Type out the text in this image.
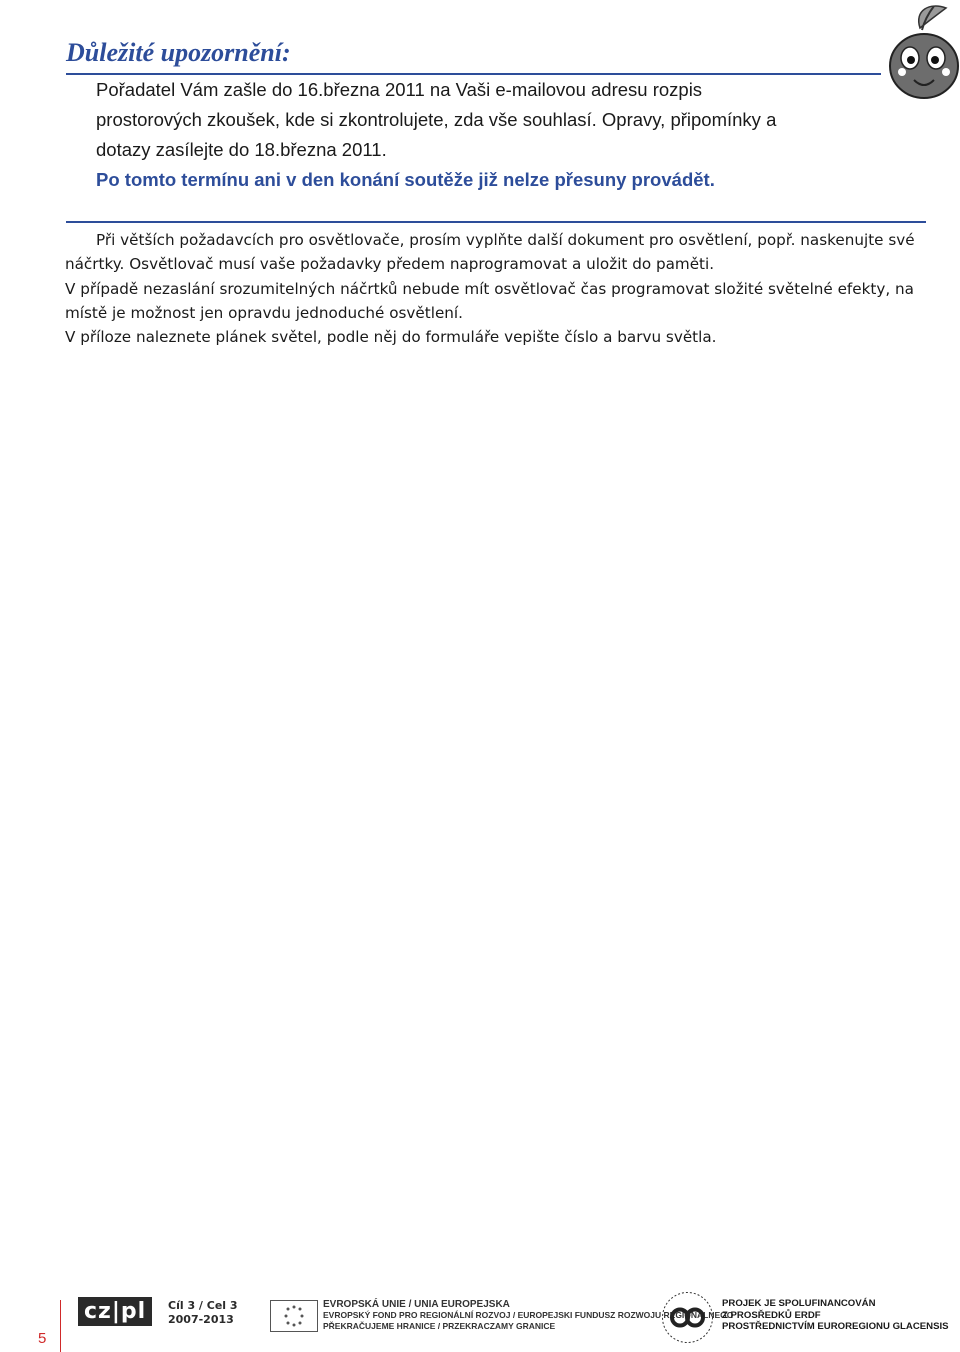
Důležité upozornění:
Pořadatel Vám zašle do 16.března 2011 na Vaši e-mailovou adresu rozpis
prostorových zkoušek, kde si zkontrolujete, zda vše souhlasí. Opravy, připomínky a
dotazy zasílejte do 18.března 2011.
Po tomto termínu ani v den konání soutěže již nelze přesuny provádět.

Při větších požadavcích pro osvětlovače, prosím vyplňte další dokument pro osvětlení, popř. naskenujte své náčrtky. Osvětlovač musí vaše požadavky předem naprogramovat a uložit do paměti.

V případě nezaslání srozumitelných náčrtků nebude mít osvětlovač čas programovat složité světelné efekty, na místě je možnost jen opravdu jednoduché osvětlení.

V příloze naleznete plánek světel, podle něj do formuláře vepište číslo a barvu světla.

5
cz|pl Cíl 3 / Cel 3
2007-2013
EVROPSKÁ UNIE / UNIA EUROPEJSKA
EVROPSKÝ FOND PRO REGIONÁLNÍ ROZVOJ / EUROPEJSKI FUNDUSZ ROZWOJU REGIONALNEGO
PŘEKRAČUJEME HRANICE / PRZEKRACZAMY GRANICE
PROJEK JE SPOLUFINANCOVÁN
Z PROSŘEDKŮ ERDF
PROSTŘEDNICTVÍM EUROREGIONU GLACENSIS
